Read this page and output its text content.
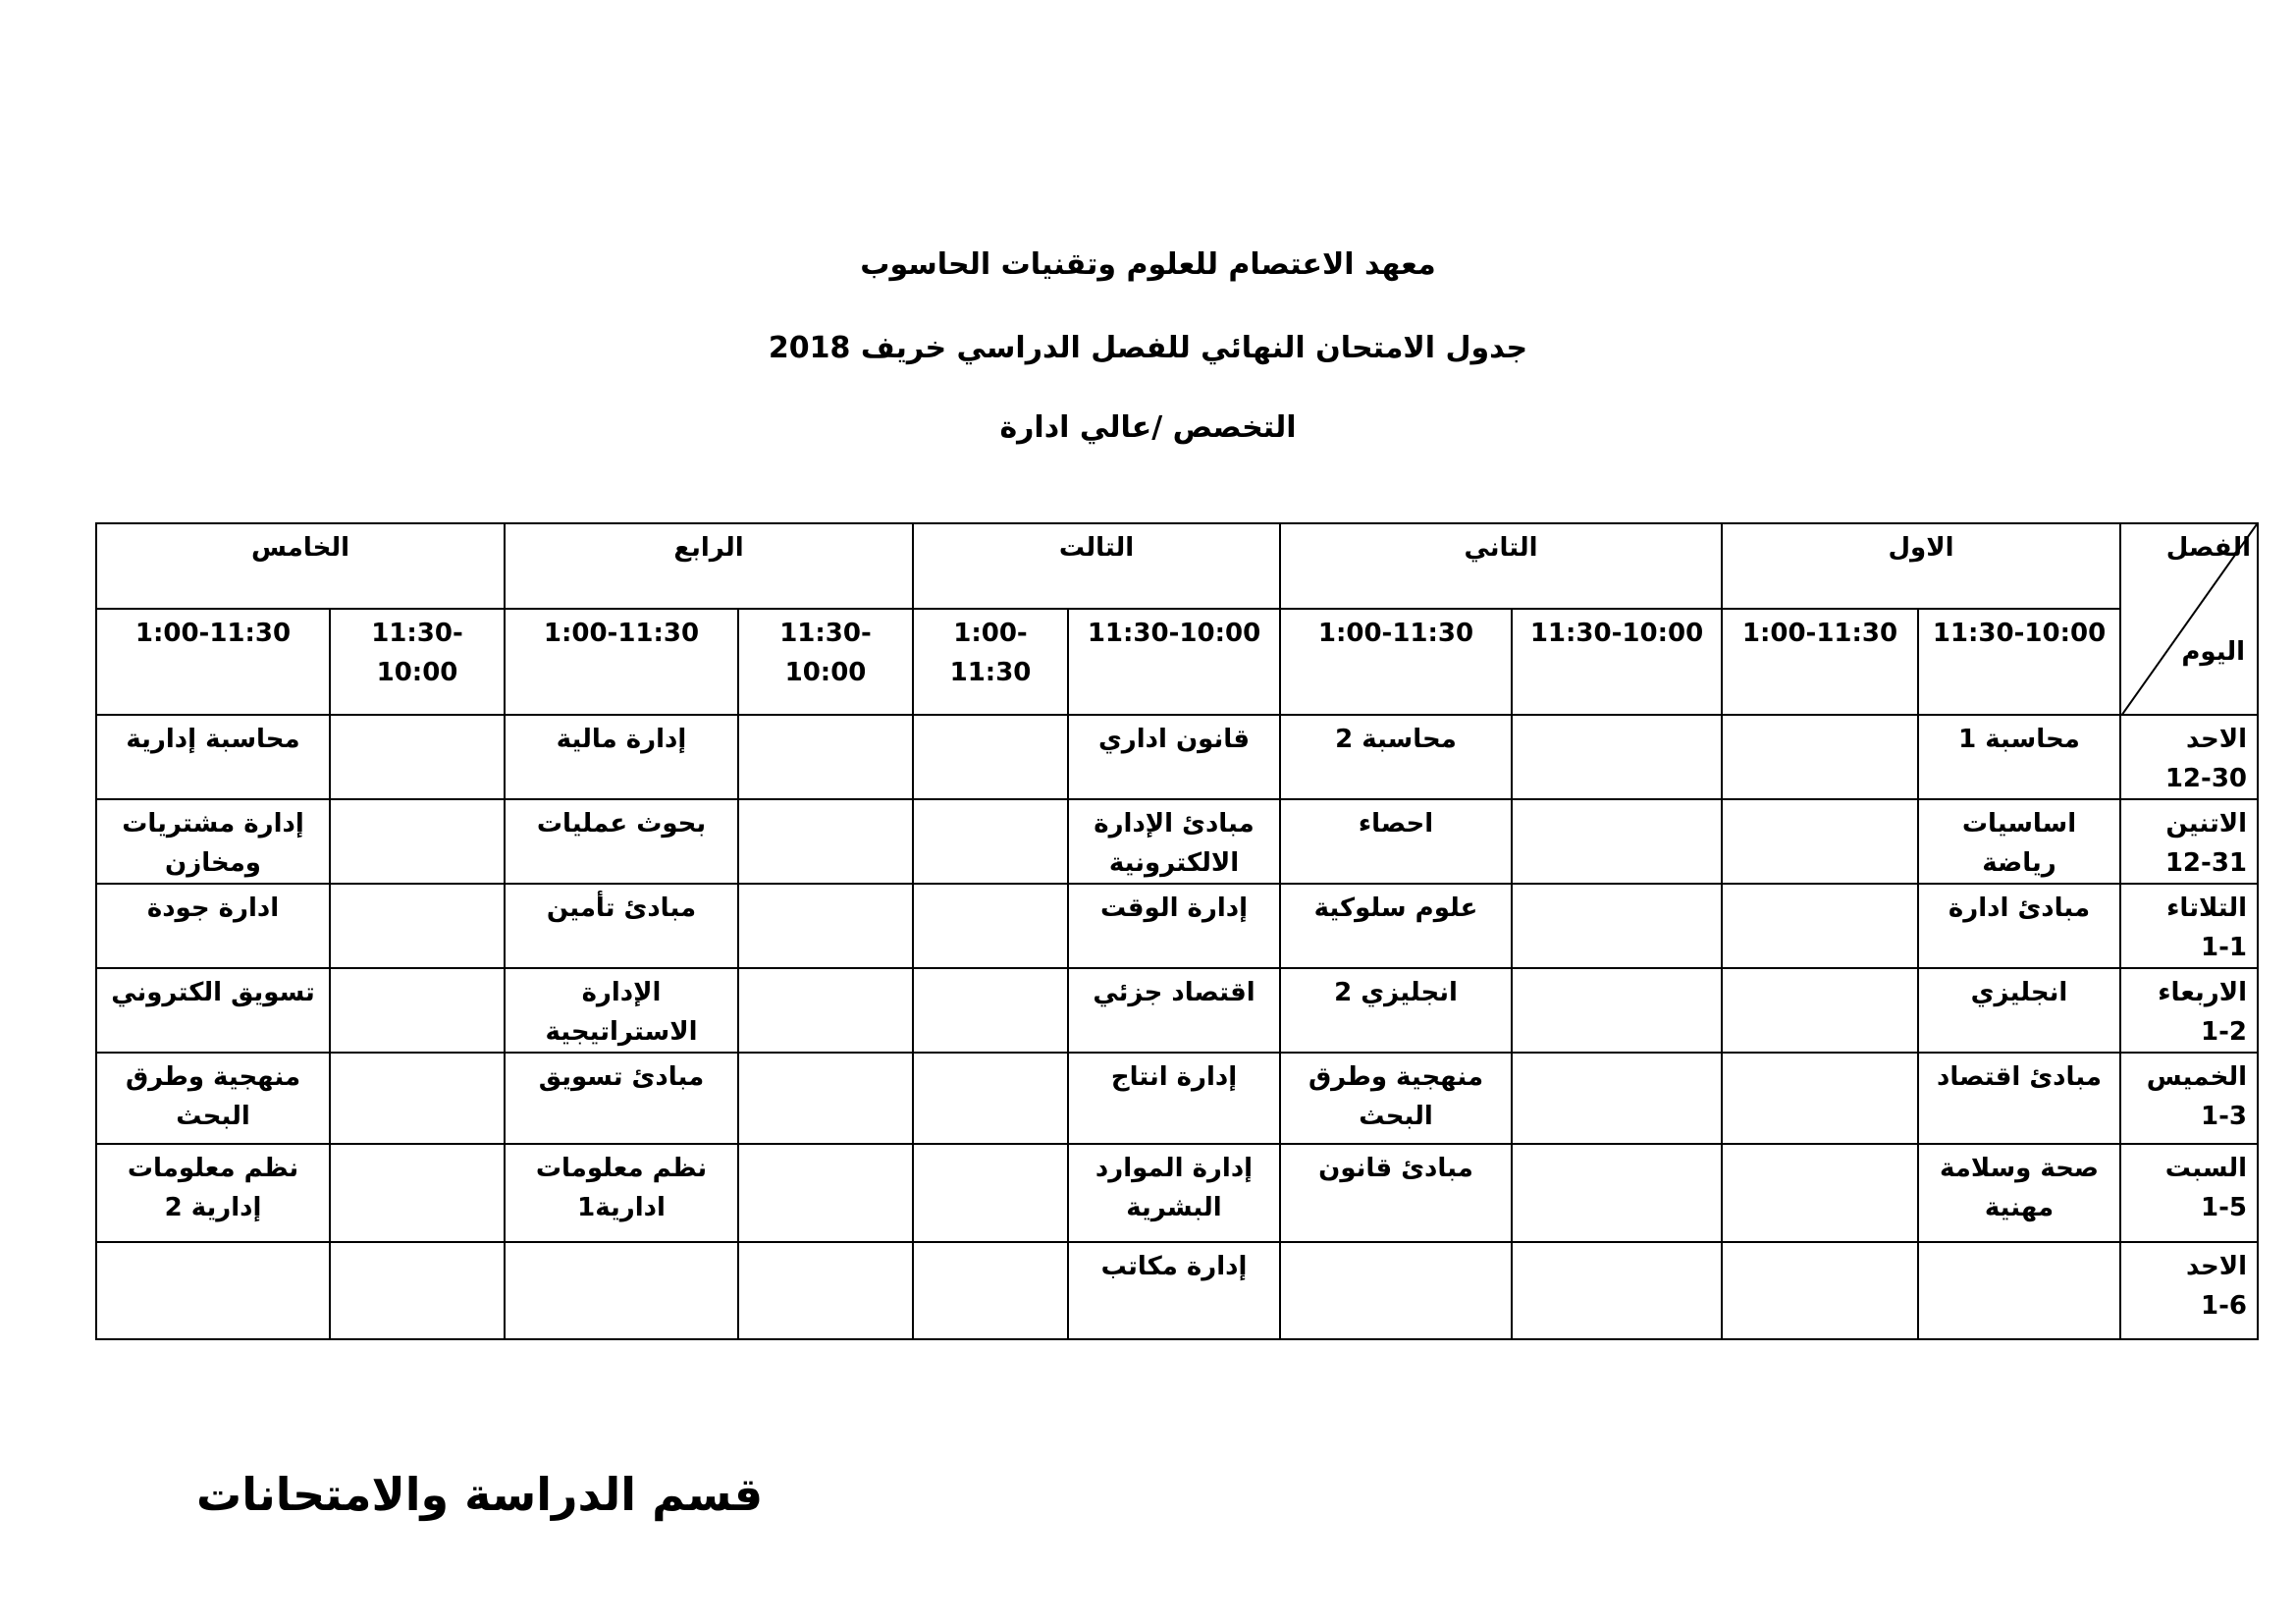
معهد الاعتصام للعلوم وتقنيات الحاسوب
جدول الامتحان النهائي للفصل الدراسي خريف 2018
التخصص /عالي ادارة
الفصل
اليوم	الاول		التاني		التالت		الرابع		الخامس	
	11:30-10:00	1:00-11:30	11:30-10:00	1:00-11:30	11:30-10:00	1:00-11:30	11:30-10:00	1:00-11:30	11:30-10:00	1:00-11:30

الاحد
12-30	محاسبة 1			محاسبة 2	قانون اداري			إدارة مالية		محاسبة إدارية

الاتنين
12-31	اساسيات رياضة			احصاء	مبادئ الإدارة الالكترونية			بحوث عمليات		إدارة مشتريات ومخازن

التلاتاء
1-1	مبادئ ادارة			علوم سلوكية	إدارة الوقت			مبادئ تأمين		ادارة جودة

الاربعاء
1-2	انجليزي			انجليزي 2	اقتصاد جزئي			الإدارة الاستراتيجية		تسويق الكتروني

الخميس
1-3	مبادئ اقتصاد			منهجية وطرق البحث	إدارة انتاج			مبادئ تسويق		منهجية وطرق البحث

السبت
1-5	صحة وسلامة مهنية			مبادئ قانون	إدارة الموارد البشرية			نظم معلومات ادارية1		نظم معلومات إدارية 2

الاحد
1-6					إدارة مكاتب					
قسم الدراسة والامتحانات
